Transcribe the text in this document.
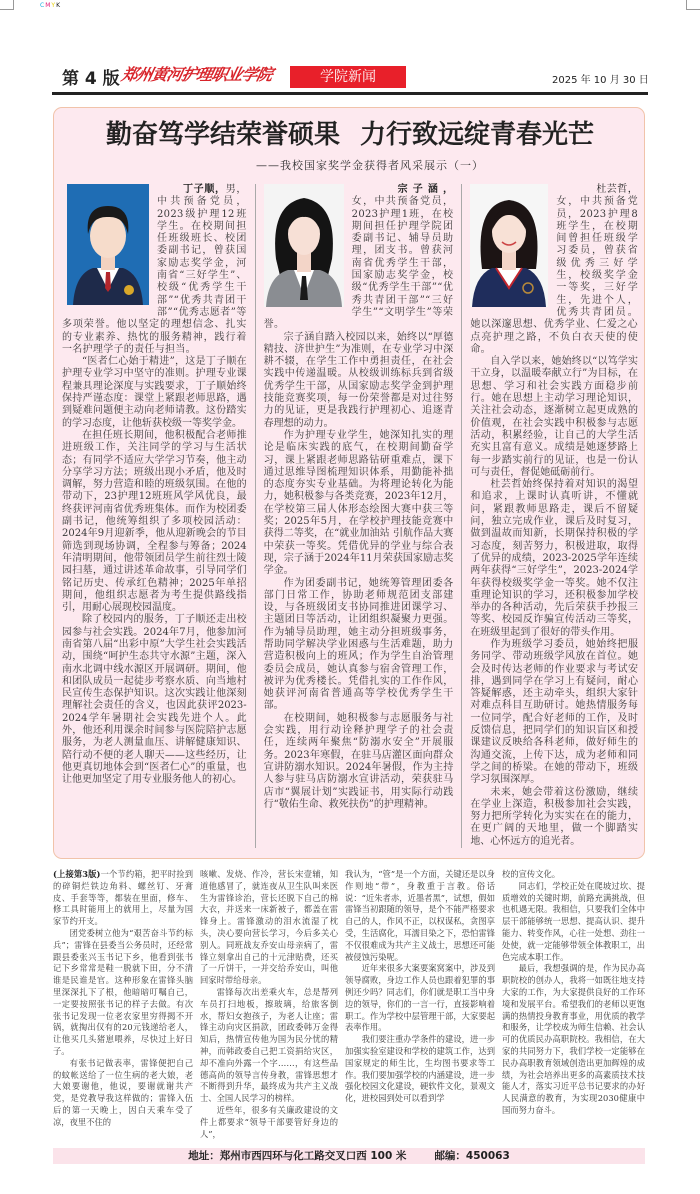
CMYK
第 4 版 郑州黄河护理职业学院	学院新闻	2025 年 10 月 30 日
勤奋笃学结荣誉硕果 力行致远绽青春光芒
——我校国家奖学金获得者风采展示（一）
丁子顺，男，中共预备党员，2023级护理12班学生。在校期间担任班级班长、校团委副书记，曾获国家励志奖学金，河南省“三好学生”、校级“优秀学生干部”“优秀共青团干部”“优秀志愿者”等多项荣誉。他以坚定的理想信念、扎实的专业素养、热忱的服务精神，践行着一名护理学子的责任与担当。

“医者仁心始于精进”，这是丁子顺在护理专业学习中坚守的准则。护理专业课程兼具理论深度与实践要求，丁子顺始终保持严谨态度：课堂上紧跟老师思路，遇到疑难问题便主动向老师请教。这份踏实的学习态度，让他斩获校级一等奖学金。

在担任班长期间，他积极配合老师推进班级工作，关注同学的学习与生活状态；有同学不适应大学学习节奏，他主动分享学习方法；班级出现小矛盾，他及时调解，努力营造和睦的班级氛围。在他的带动下，23护理12班班风学风优良，最终获评河南省优秀班集体。而作为校团委副书记，他统筹组织了多项校园活动：2024年9月迎新季，他从迎新晚会的节目筛选到现场协调，全程参与筹备；2024年清明期间，他带领团员学生前往烈士陵园扫墓，通过讲述革命故事，引导同学们铭记历史、传承红色精神；2025年单招期间，他组织志愿者为考生提供路线指引，用耐心展现校园温度。

除了校园内的服务，丁子顺还走出校园参与社会实践。2024年7月，他参加河南省第八届“出彩中原”大学生社会实践活动，围绕“呵护生态共守水源”主题，深入南水北调中线水源区开展调研。期间，他和团队成员一起徒步考察水质、向当地村民宣传生态保护知识。这次实践让他深刻理解社会责任的含义，也因此获评2023-2024学年暑期社会实践先进个人。此外，他还利用课余时间参与医院陪护志愿服务，为老人测量血压、讲解健康知识、陪行动不便的老人聊天——这些经历，让他更真切地体会到“医者仁心”的重量，也让他更加坚定了用专业服务他人的初心。

宗子涵，女，中共预备党员，2023护理1班，在校期间担任护理学院团委副书记、辅导员助理，团支书。曾获河南省优秀学生干部，国家励志奖学金，校级“优秀学生干部”“优秀共青团干部”“三好学生”“文明学生”等荣誉。

宗子涵自踏入校园以来，始终以“厚德精技、济世护生”为准则，在专业学习中深耕不辍，在学生工作中勇担责任，在社会实践中传递温暖。从校级训练标兵到省级优秀学生干部，从国家励志奖学金到护理技能竞赛奖项，每一份荣誉都是对过往努力的见证，更是我践行护理初心、追逐青春理想的动力。

作为护理专业学生，她深知扎实的理论是临床实践的底气，在校期间勤奋学习，课上紧跟老师思路钻研重难点，课下通过思维导图梳理知识体系，用勤能补拙的态度夯实专业基础。为将理论转化为能力，她积极参与各类竞赛，2023年12月，在学校第三届人体形态绘图大赛中获三等奖；2025年5月，在学校护理技能竞赛中获得二等奖，在“就业加油站 引航作品大赛中荣获一等奖。凭借优异的学业与综合表现，宗子涵于2024年11月荣获国家励志奖学金。

作为团委副书记，她统筹管理团委各部门日常工作，协助老师规范团支部建设，与各班级团支书协同推进团课学习、主题团日等活动，让团组织凝聚力更强。作为辅导员助理，她主动分担班级事务，帮助同学解决学业困惑与生活难题，助力营造积极向上的班风；作为学生自治管理委员会成员，她认真参与宿舍管理工作，被评为优秀楼长。凭借扎实的工作作风，她获评河南省普通高等学校优秀学生干部。

在校期间，她积极参与志愿服务与社会实践，用行动诠释护理学子的社会责任，连续两年聚焦“防溺水安全”开展服务。2023年寒假，在驻马店灌区面向群众宣讲防溺水知识。2024年暑假，作为主持人参与驻马店防溺水宣讲活动，荣获驻马店市“翼展计划”实践证书，用实际行动践行“敬佑生命、救死扶伤”的护理精神。

杜芸哲，女，中共预备党员，2023护理8班学生，在校期间曾担任班级学习委员，曾获省级优秀三好学生，校级奖学金一等奖，三好学生，先进个人，优秀共青团员。她以深邃思想、优秀学业、仁爱之心点亮护理之路，不负白衣天使的使命。

自入学以来，她始终以“以笃学实干立身，以温暖奉献立行”为目标，在思想、学习和社会实践方面稳步前行。她在思想上主动学习理论知识，关注社会动态，逐渐树立起更成熟的价值观，在社会实践中积极参与志愿活动，积累经验，让自己的大学生活充实且富有意义。成绩是她逐梦路上每一步踏实前行的见证，也是一份认可与责任，督促她砥砺前行。

杜芸哲始终保持着对知识的渴望和追求，上课时认真听讲，不懂就问，紧跟教师思路走，课后不留疑问，独立完成作业，课后及时复习，做到温故而知新，长期保持积极的学习态度，刻苦努力，积极进取，取得了优异的成绩，2023-2025学年连续两年获得“三好学生”，2023-2024学年获得校级奖学金一等奖。她不仅注重理论知识的学习，还积极参加学校举办的各种活动，先后荣获手抄报三等奖、校园反诈骗宣传活动三等奖，在班级里起到了很好的带头作用。

作为班级学习委员，她始终把服务同学、带动班级学风放在首位。她会及时传达老师的作业要求与考试安排，遇到同学在学习上有疑问，耐心答疑解惑，还主动牵头，组织大家针对难点科目互助研讨。她热情服务每一位同学，配合好老师的工作，及时反馈信息，把同学们的知识盲区和授课建议反映给各科老师，做好师生的沟通交流，上传下达，成为老师和同学之间的桥梁。在她的带动下，班级学习氛围深厚。

未来，她会带着这份激励，继续在学业上深造，积极参加社会实践，努力把所学转化为实实在在的能力，在更广阔的天地里，做一个脚踏实地、心怀远方的追光者。

(上接第3版)一个节约箱，把平时捡到的碎铜烂铁边角料、螺丝钉、牙膏皮、手套等等，都装在里面，修车、修工具时能用上的就用上，尽量为国家节约开支。

团党委树立他为“艰苦奋斗节约标兵”；雷锋在县委当公务员时，还经常跟县委张兴玉书记下乡，他看到张书记下乡常常是鞋一脱就下田，分不清谁是民谁是官。这种形象在雷锋头脑里深深扎下了根，他暗暗叮嘱自己，一定要按照张书记的样子去做。有次张书记发现一位老农家里穷得揭不开锅，就掏出仅有的20元钱递给老人，让他买几头猪崽喂养，尽快过上好日子。

有张书记做表率，雷锋便把自己的蚊帐送给了一位生病的老大娘，老大娘要谢他，他说，要谢就谢共产党，是党教导我这样做的；雷锋入伍后的第一天晚上，因白天乘车受了凉，夜里不住的

咳嗽、发烧、作冷，营长宋壹辅，知道他感冒了，就连夜从卫生队叫来医生为雷锋诊治，营长还脱下自己的棉大衣，并送来一床新被子，都盖在雷锋身上。雷锋激动的泪水流湿了枕头，决心要向营长学习，今后多关心别人。同班战友乔安山母亲病了，雷锋立刻拿出自己的十元津贴费，还买了一斤饼干，一并交给乔安山，叫他回家时带给母亲。

雷锋每次出差乘火车，总是帮列车员打扫地板，擦玻璃，给旅客倒水，帮妇女抱孩子，为老人让座；雷锋主动向灾区捐款，团政委韩万金得知后，热情宣传他为国为民分忧的精神，而韩政委自己把工资捐给灾区，却不准向外露一个字……，有这些品德高尚的领导言传身教，雷锋思想才不断得到升华，最终成为共产主义战士、全国人民学习的榜样。

近些年，很多有关廉政建设的文件上都要求“领导干部要管好身边的人”，

我认为，“管”是一个方面，关键还是以身作则地“带”，身教重于言教。俗话说：“近朱者赤，近墨者黑”，试想，假如雷锋当初跟随的领导，是个不能严格要求自己的人，作风不正，以权谋私，贪图享受，生活腐化，耳濡目染之下，恐怕雷锋不仅很难成为共产主义战士，思想还可能被侵蚀污染呢。

近年来很多大案要案窝案中，涉及到领导腐败，身边工作人员也跟着犯罪的事例还少吗？同志们，你们就是职工当中身边的领导，你们的一言一行，直接影响着职工。作为学校中层管理干部，大家要起表率作用。

我们要注重办学条件的建设，进一步加强实验室建设和学校的建筑工作，达到国家规定的师生比，生均图书要求等工作。我们要加强学校的内涵建设，进一步强化校园文化建设，硬软件文化，景观文化，进校园到处可以看到学

校的宣传文化。

同志们，学校正处在爬坡过坎、提质增效的关键时期，前路充满挑战，但也机遇无限。我相信，只要我们全体中层干部能够统一思想、提高认识、提升能力、转变作风，心往一处想、劲往一处使，就一定能够带领全体教职工，出色完成本职工作。

最后，我想强调的是，作为民办高职院校的创办人，我将一如既往地支持大家的工作，为大家提供良好的工作环境和发展平台。希望我们的老师以更饱满的热情投身教育事业，用优质的教学和服务，让学校成为师生信赖、社会认可的优质民办高职院校。我相信，在大家的共同努力下，我们学校一定能够在民办高职教育领域创造出更加辉煌的成绩，为社会培养出更多的高素质技术技能人才，落实习近平总书记要求的办好人民满意的教育，为实现2030健康中国而努力奋斗。

地址：郑州市西四环与化工路交叉口西 100 米	邮编：450063
